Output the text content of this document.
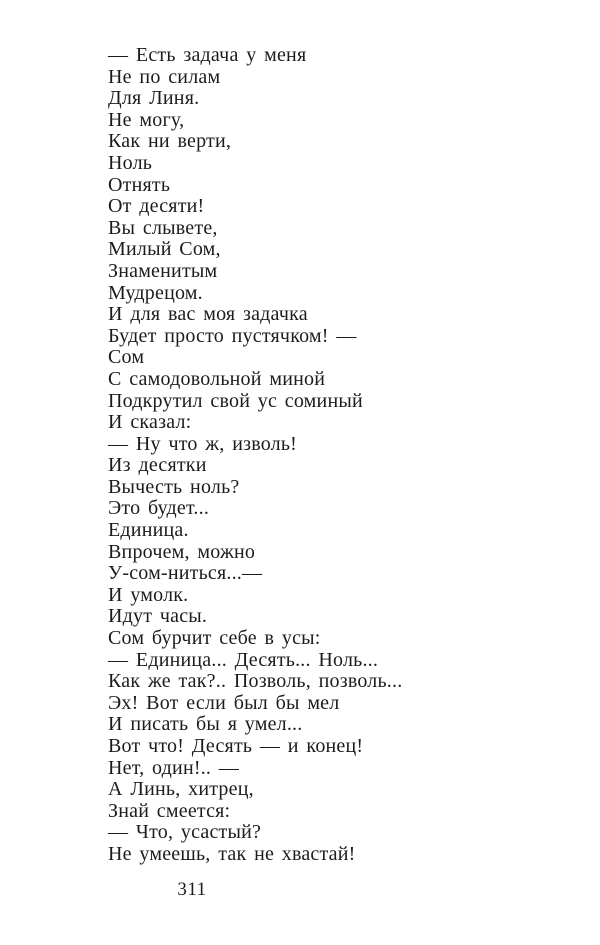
— Есть задача у меня
Не по силам
Для Линя.
Не могу,
Как ни верти,
Ноль
Отнять
От десяти!
Вы слывете,
Милый Сом,
Знаменитым
Мудрецом.
И для вас моя задачка
Будет просто пустячком! —
Сом
С самодовольной миной
Подкрутил свой ус соминый
И сказал:
— Ну что ж, изволь!
Из десятки
Вычесть ноль?
Это будет...
Единица.
Впрочем, можно
У-сом-ниться...—
И умолк.
Идут часы.
Сом бурчит себе в усы:
— Единица... Десять... Ноль...
Как же так?.. Позволь, позволь...
Эх! Вот если был бы мел
И писать бы я умел...
Вот что! Десять — и конец!
Нет, один!.. —
А Линь, хитрец,
Знай смеется:
— Что, усастый?
Не умеешь, так не хвастай!
311
